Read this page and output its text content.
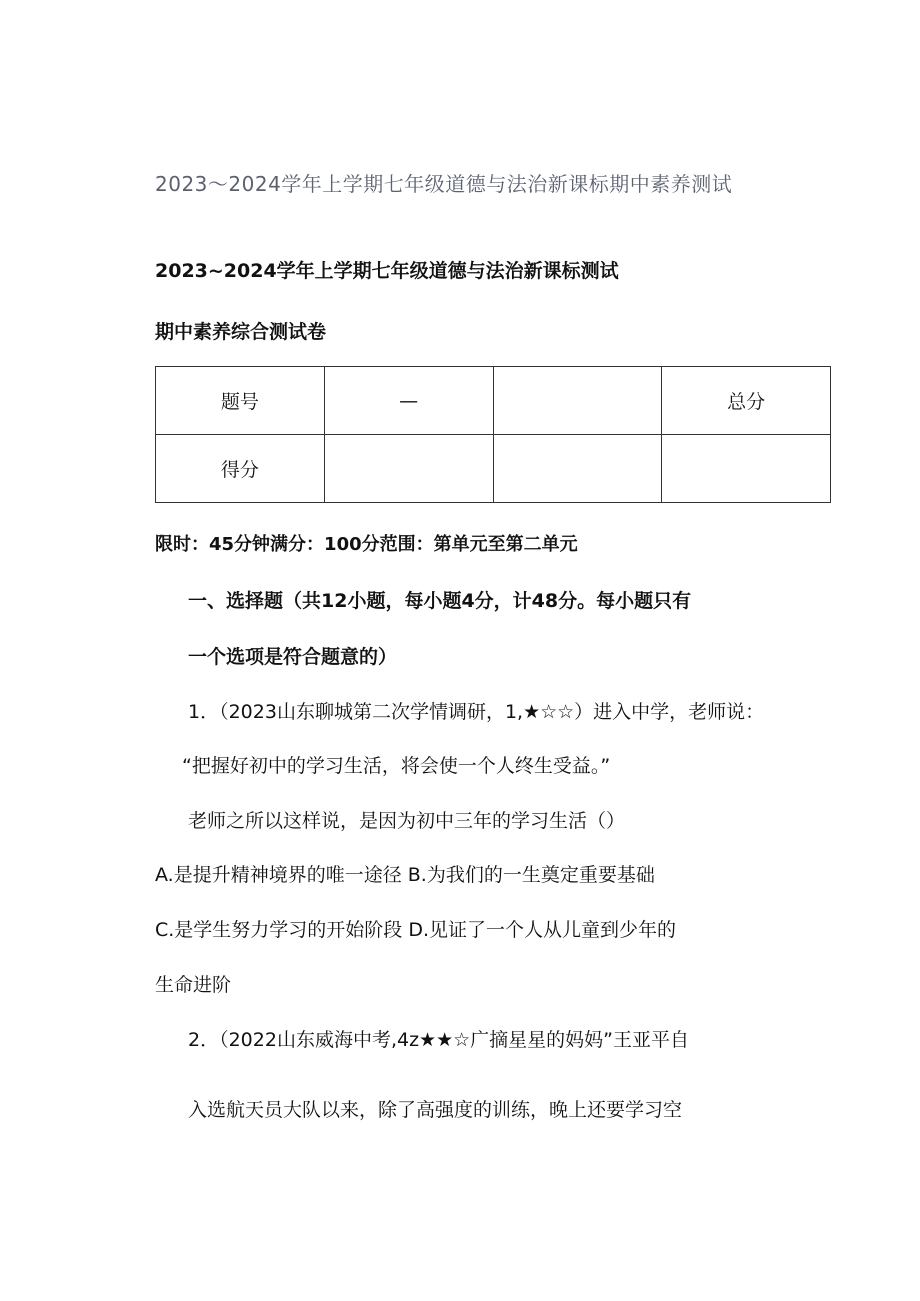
2023～2024学年上学期七年级道德与法治新课标期中素养测试
2023~2024学年上学期七年级道德与法治新课标测试
期中素养综合测试卷
题号	—		总分
得分			
限时：45分钟满分：100分范围：第单元至第二单元
一、选择题（共12小题，每小题4分，计48分。每小题只有
一个选项是符合题意的）
1．（2023山东聊城第二次学情调研，1,★☆☆）进入中学，老师说：
“把握好初中的学习生活，将会使一个人终生受益。”
老师之所以这样说，是因为初中三年的学习生活（）
A.是提升精神境界的唯一途径 B.为我们的一生奠定重要基础
C.是学生努力学习的开始阶段 D.见证了一个人从儿童到少年的
生命进阶
2．（2022山东威海中考,4z★★☆广摘星星的妈妈”王亚平自
入选航天员大队以来，除了高强度的训练，晚上还要学习空
